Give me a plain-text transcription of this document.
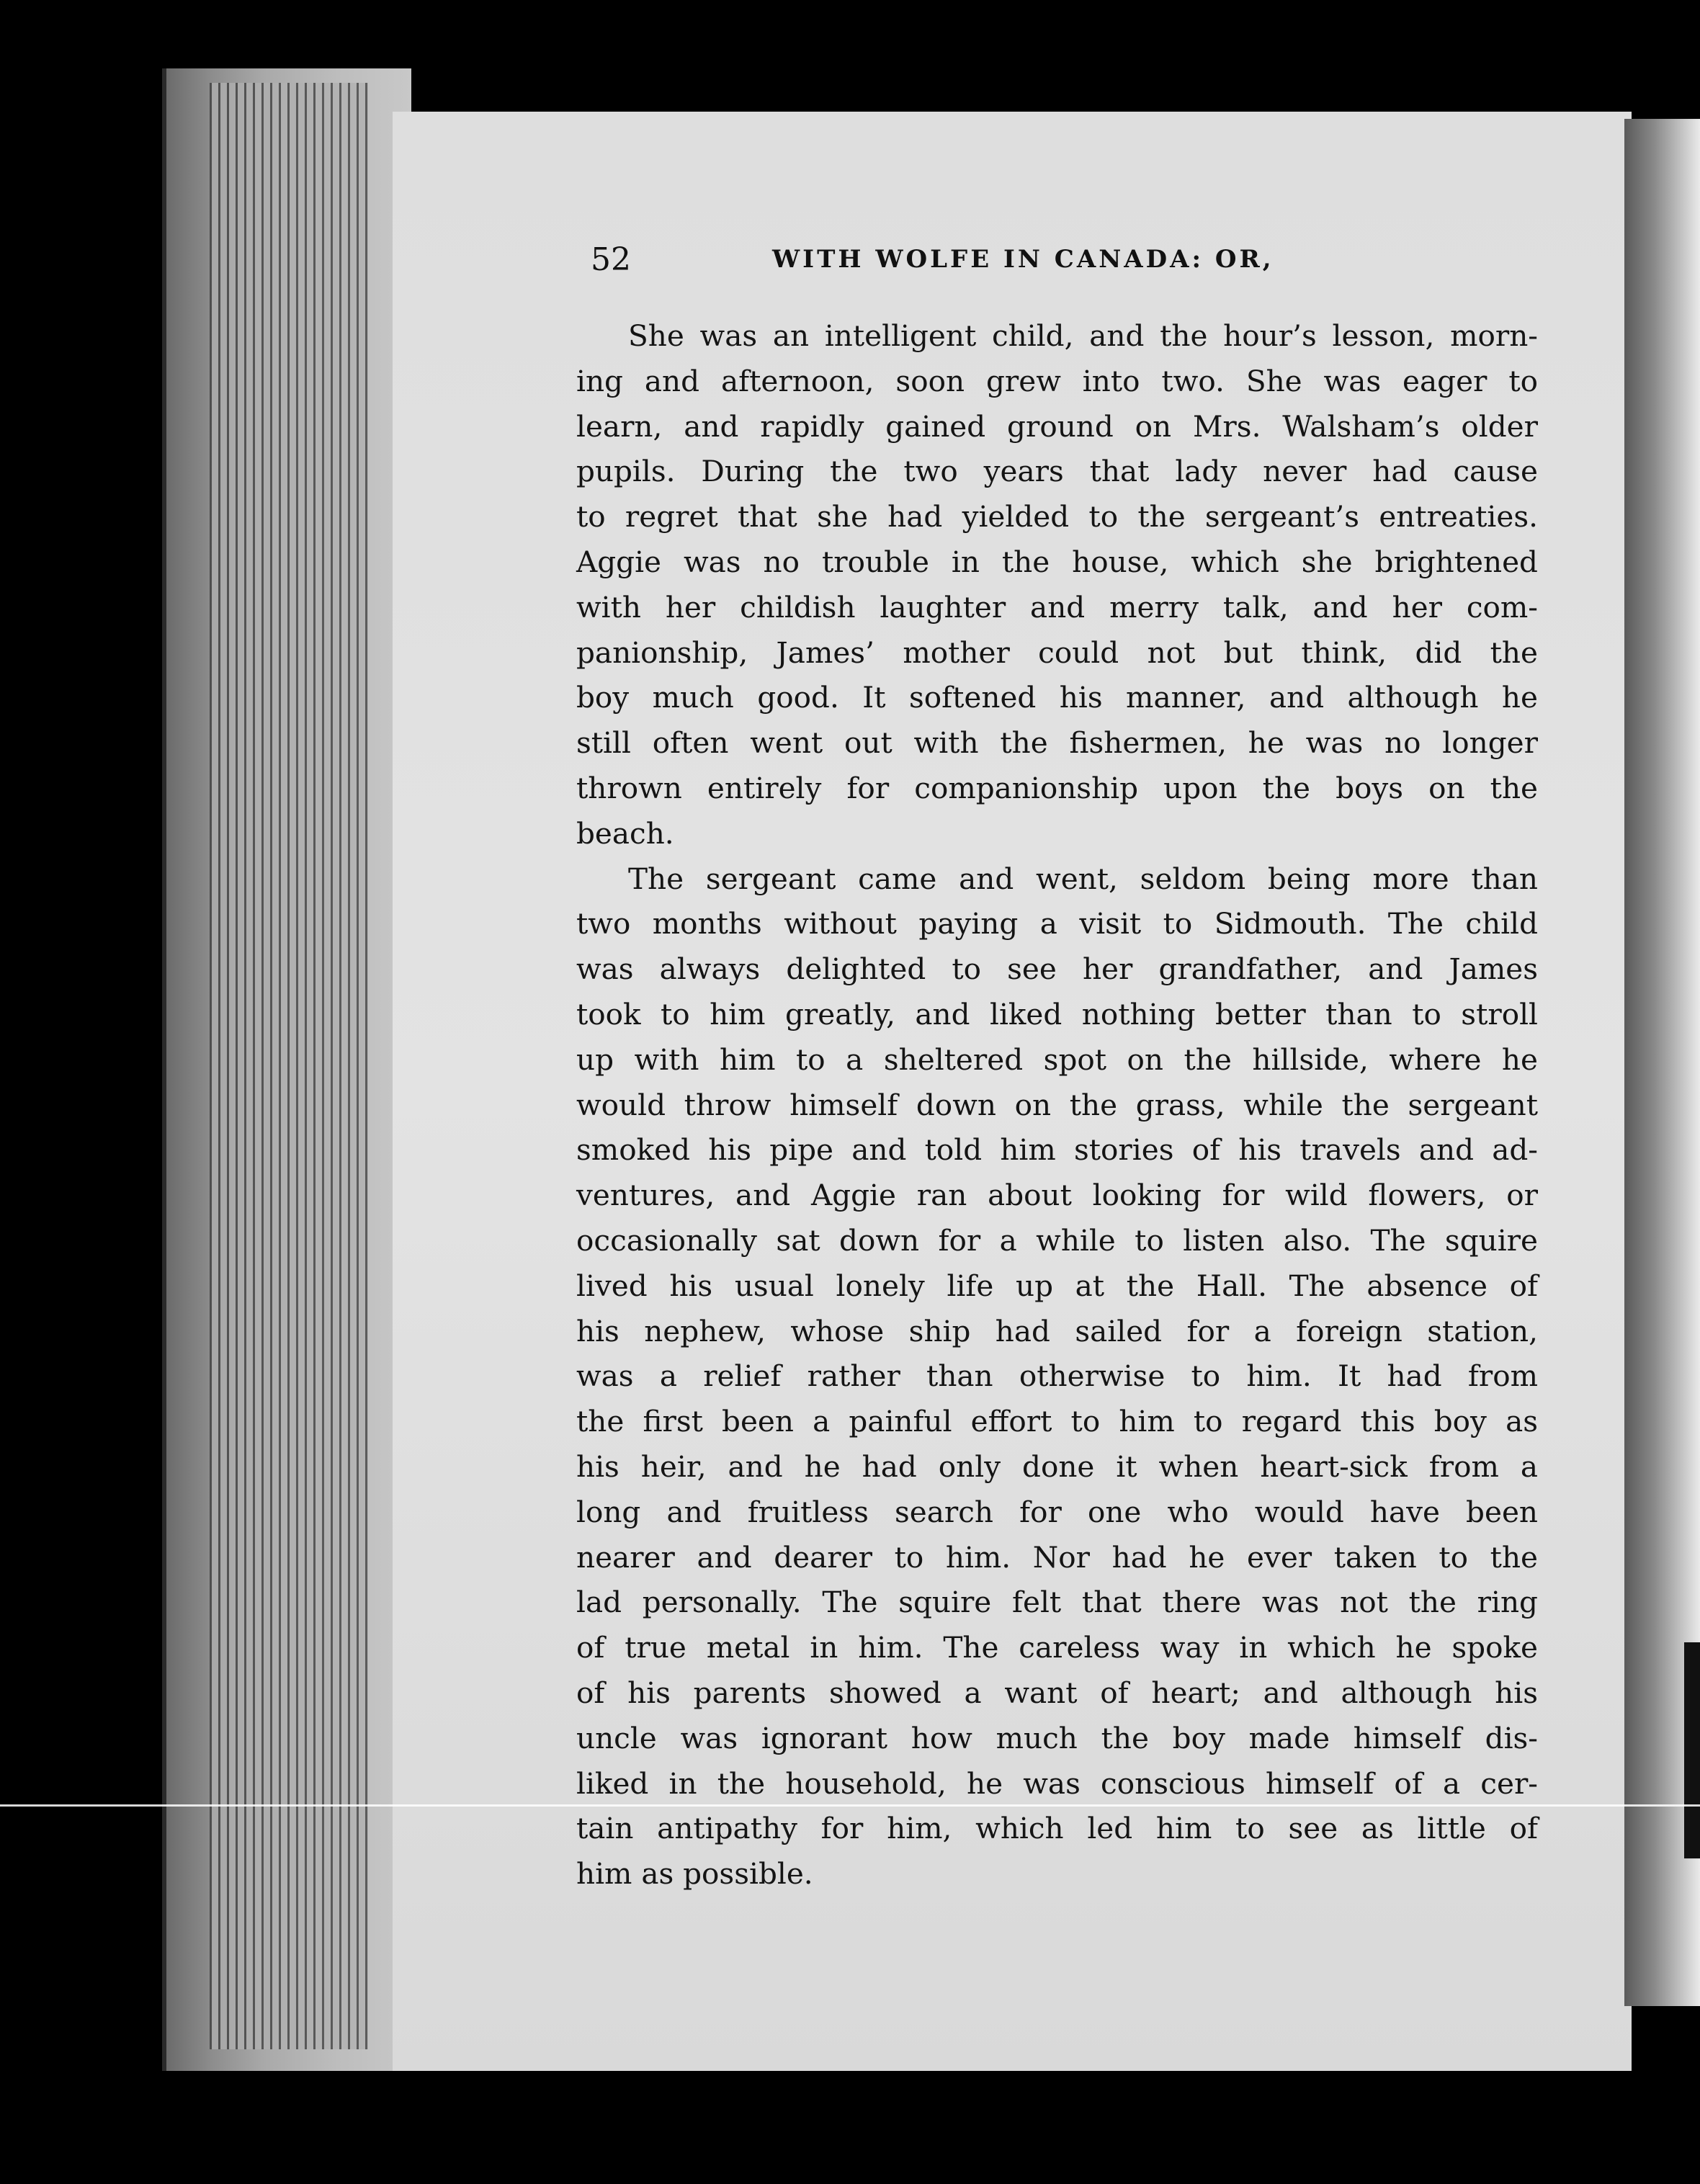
52	WITH WOLFE IN CANADA: OR,
She was an intelligent child, and the hour’s lesson, morn-
ing and afternoon, soon grew into two. She was eager to
learn, and rapidly gained ground on Mrs. Walsham’s older
pupils. During the two years that lady never had cause
to regret that she had yielded to the sergeant’s entreaties.
Aggie was no trouble in the house, which she brightened
with her childish laughter and merry talk, and her com-
panionship, James’ mother could not but think, did the
boy much good. It softened his manner, and although he
still often went out with the fishermen, he was no longer
thrown entirely for companionship upon the boys on the
beach.
The sergeant came and went, seldom being more than
two months without paying a visit to Sidmouth. The child
was always delighted to see her grandfather, and James
took to him greatly, and liked nothing better than to stroll
up with him to a sheltered spot on the hillside, where he
would throw himself down on the grass, while the sergeant
smoked his pipe and told him stories of his travels and ad-
ventures, and Aggie ran about looking for wild flowers, or
occasionally sat down for a while to listen also. The squire
lived his usual lonely life up at the Hall. The absence of
his nephew, whose ship had sailed for a foreign station,
was a relief rather than otherwise to him. It had from
the first been a painful effort to him to regard this boy as
his heir, and he had only done it when heart-sick from a
long and fruitless search for one who would have been
nearer and dearer to him. Nor had he ever taken to the
lad personally. The squire felt that there was not the ring
of true metal in him. The careless way in which he spoke
of his parents showed a want of heart; and although his
uncle was ignorant how much the boy made himself dis-
liked in the household, he was conscious himself of a cer-
tain antipathy for him, which led him to see as little of
him as possible.
